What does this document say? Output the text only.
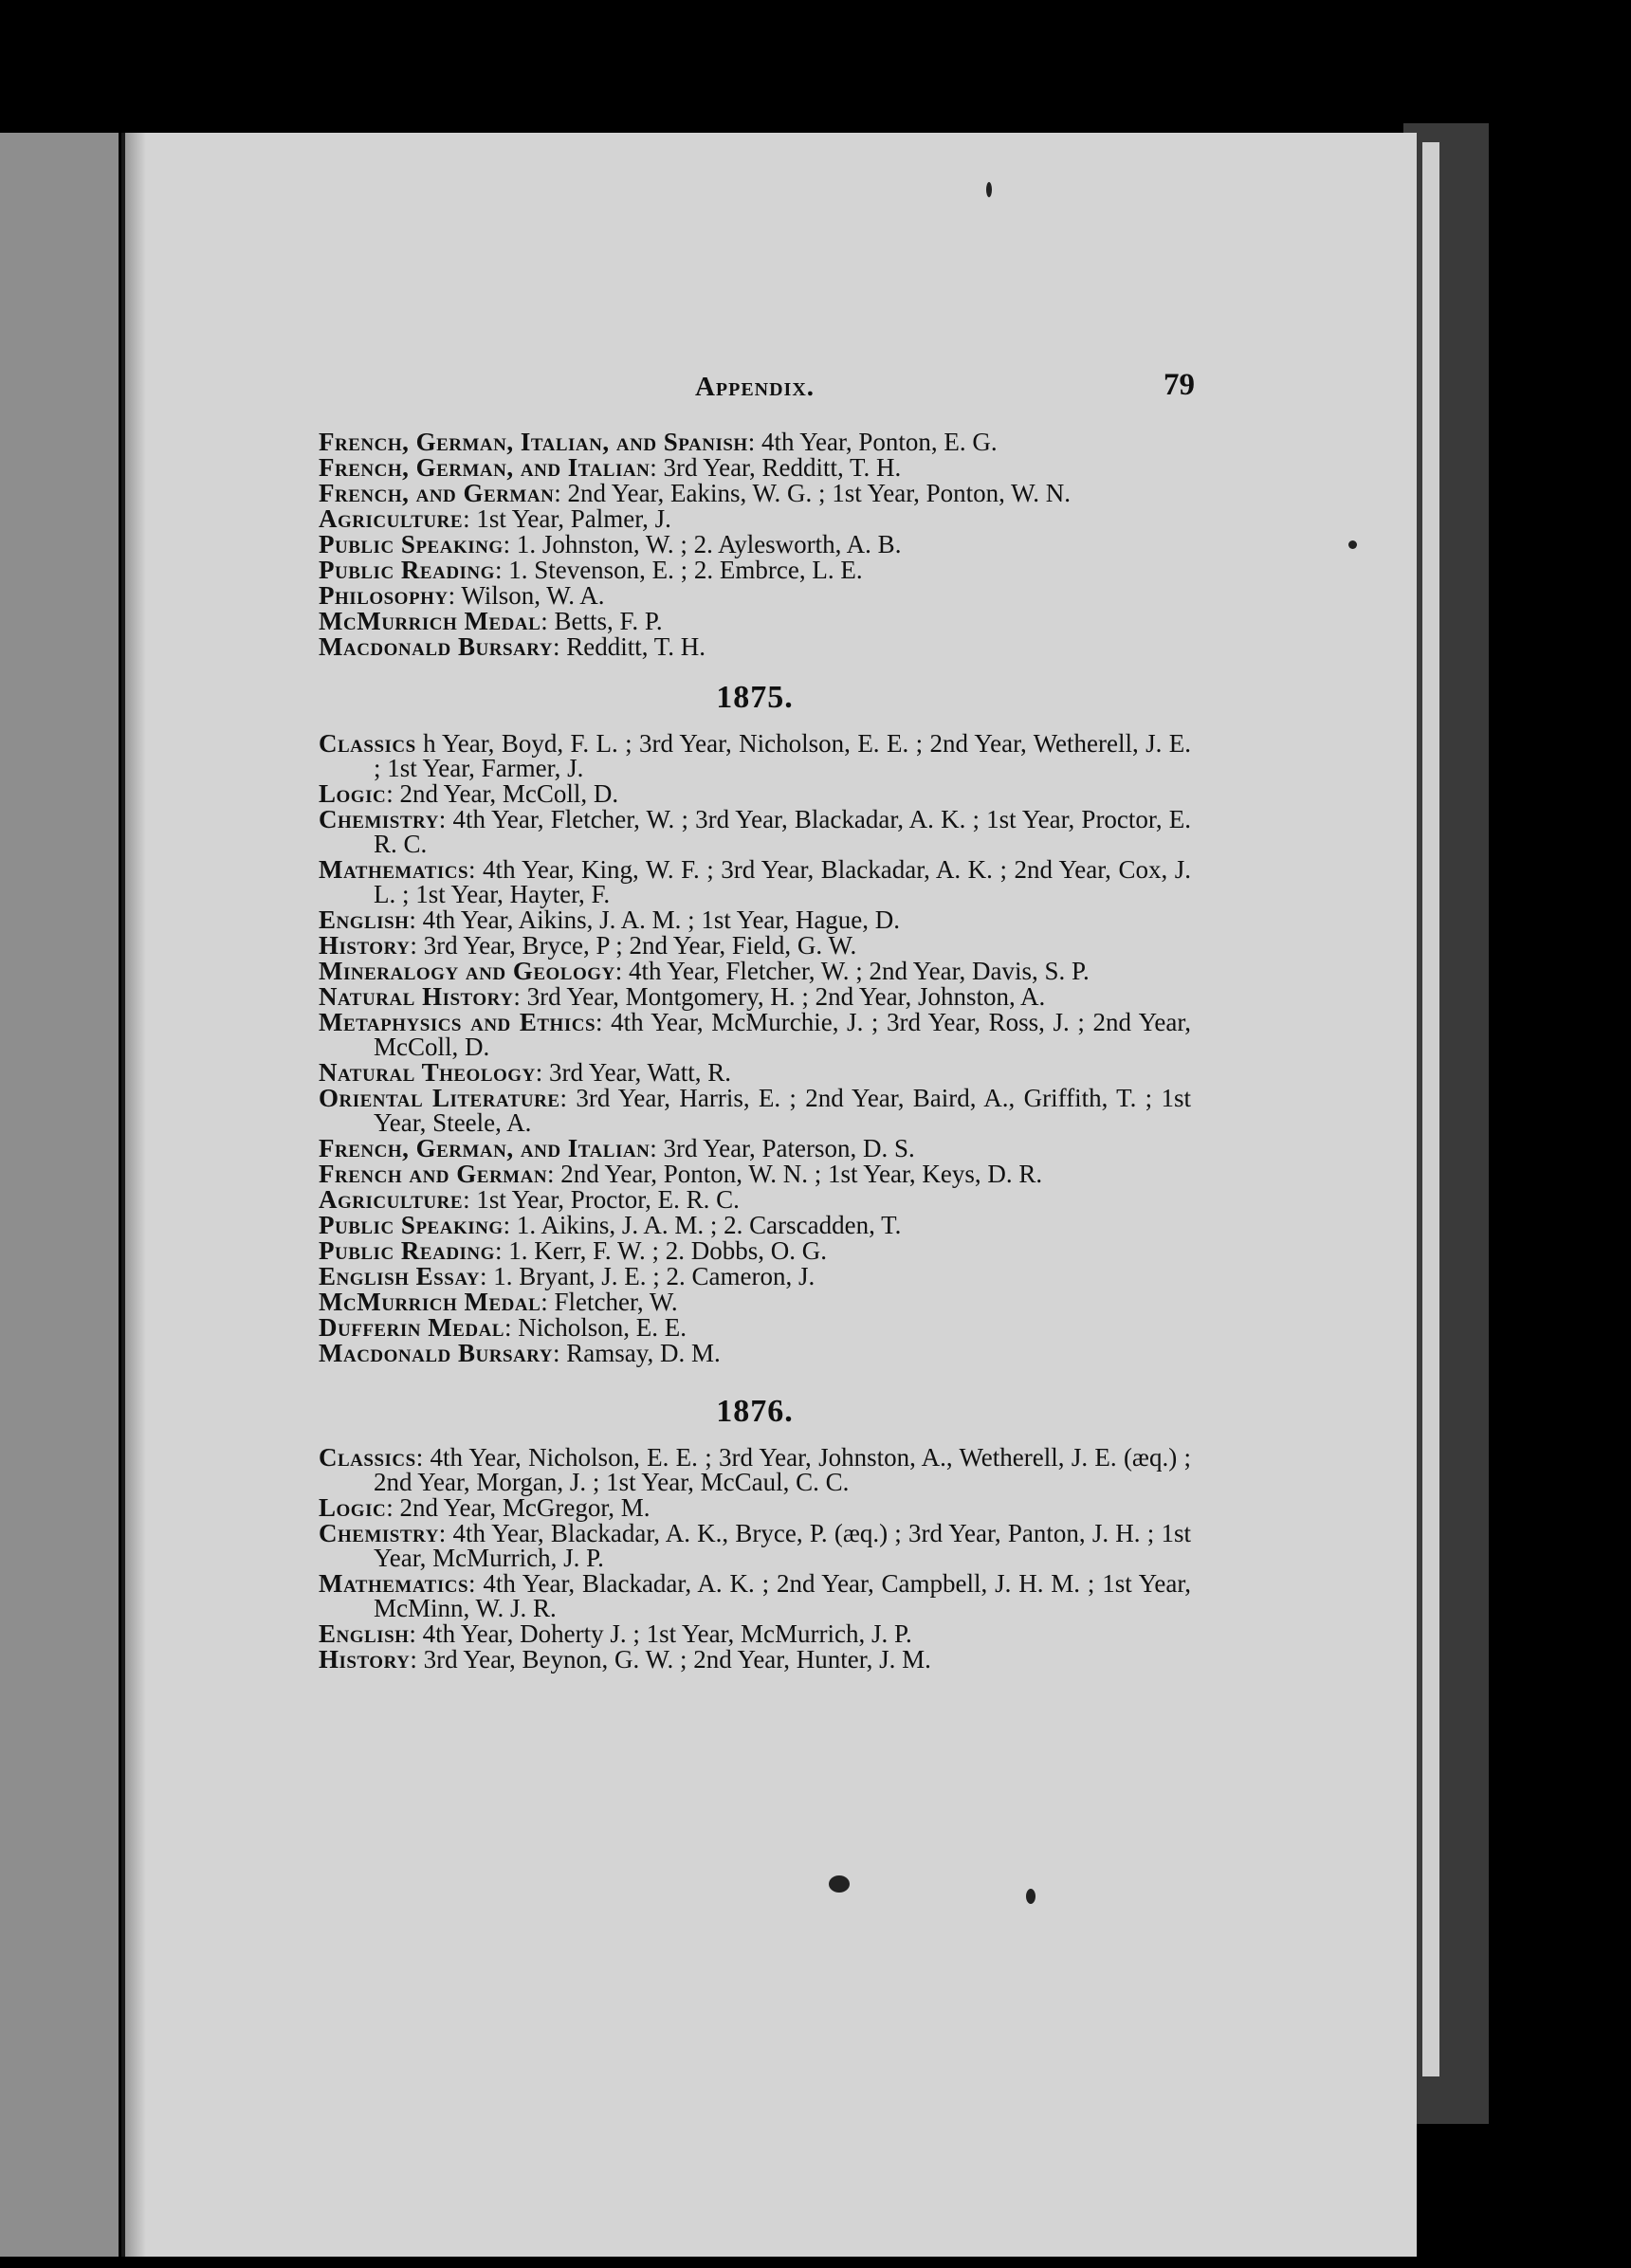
Appendix.	79

French, German, Italian, and Spanish: 4th Year, Ponton, E. G.

French, German, and Italian: 3rd Year, Redditt, T. H.

French, and German: 2nd Year, Eakins, W. G. ; 1st Year, Ponton, W. N.

Agriculture: 1st Year, Palmer, J.

Public Speaking: 1. Johnston, W. ; 2. Aylesworth, A. B.

Public Reading: 1. Stevenson, E. ; 2. Embrce, L. E.

Philosophy: Wilson, W. A.

McMurrich Medal: Betts, F. P.

Macdonald Bursary: Redditt, T. H.

1875.

Classics h Year, Boyd, F. L. ; 3rd Year, Nicholson, E. E. ; 2nd Year, Wetherell, J. E. ; 1st Year, Farmer, J.

Logic: 2nd Year, McColl, D.

Chemistry: 4th Year, Fletcher, W. ; 3rd Year, Blackadar, A. K. ; 1st Year, Proctor, E. R. C.

Mathematics: 4th Year, King, W. F. ; 3rd Year, Blackadar, A. K. ; 2nd Year, Cox, J. L. ; 1st Year, Hayter, F.

English: 4th Year, Aikins, J. A. M. ; 1st Year, Hague, D.

History: 3rd Year, Bryce, P ; 2nd Year, Field, G. W.

Mineralogy and Geology: 4th Year, Fletcher, W. ; 2nd Year, Davis, S. P.

Natural History: 3rd Year, Montgomery, H. ; 2nd Year, Johnston, A.

Metaphysics and Ethics: 4th Year, McMurchie, J. ; 3rd Year, Ross, J. ; 2nd Year, McColl, D.

Natural Theology: 3rd Year, Watt, R.

Oriental Literature: 3rd Year, Harris, E. ; 2nd Year, Baird, A., Griffith, T. ; 1st Year, Steele, A.

French, German, and Italian: 3rd Year, Paterson, D. S.

French and German: 2nd Year, Ponton, W. N. ; 1st Year, Keys, D. R.

Agriculture: 1st Year, Proctor, E. R. C.

Public Speaking: 1. Aikins, J. A. M. ; 2. Carscadden, T.

Public Reading: 1. Kerr, F. W. ; 2. Dobbs, O. G.

English Essay: 1. Bryant, J. E. ; 2. Cameron, J.

McMurrich Medal: Fletcher, W.

Dufferin Medal: Nicholson, E. E.

Macdonald Bursary: Ramsay, D. M.

1876.

Classics: 4th Year, Nicholson, E. E. ; 3rd Year, Johnston, A., Wetherell, J. E. (æq.) ; 2nd Year, Morgan, J. ; 1st Year, McCaul, C. C.

Logic: 2nd Year, McGregor, M.

Chemistry: 4th Year, Blackadar, A. K., Bryce, P. (æq.) ; 3rd Year, Panton, J. H. ; 1st Year, McMurrich, J. P.

Mathematics: 4th Year, Blackadar, A. K. ; 2nd Year, Campbell, J. H. M. ; 1st Year, McMinn, W. J. R.

English: 4th Year, Doherty J. ; 1st Year, McMurrich, J. P.

History: 3rd Year, Beynon, G. W. ; 2nd Year, Hunter, J. M.
